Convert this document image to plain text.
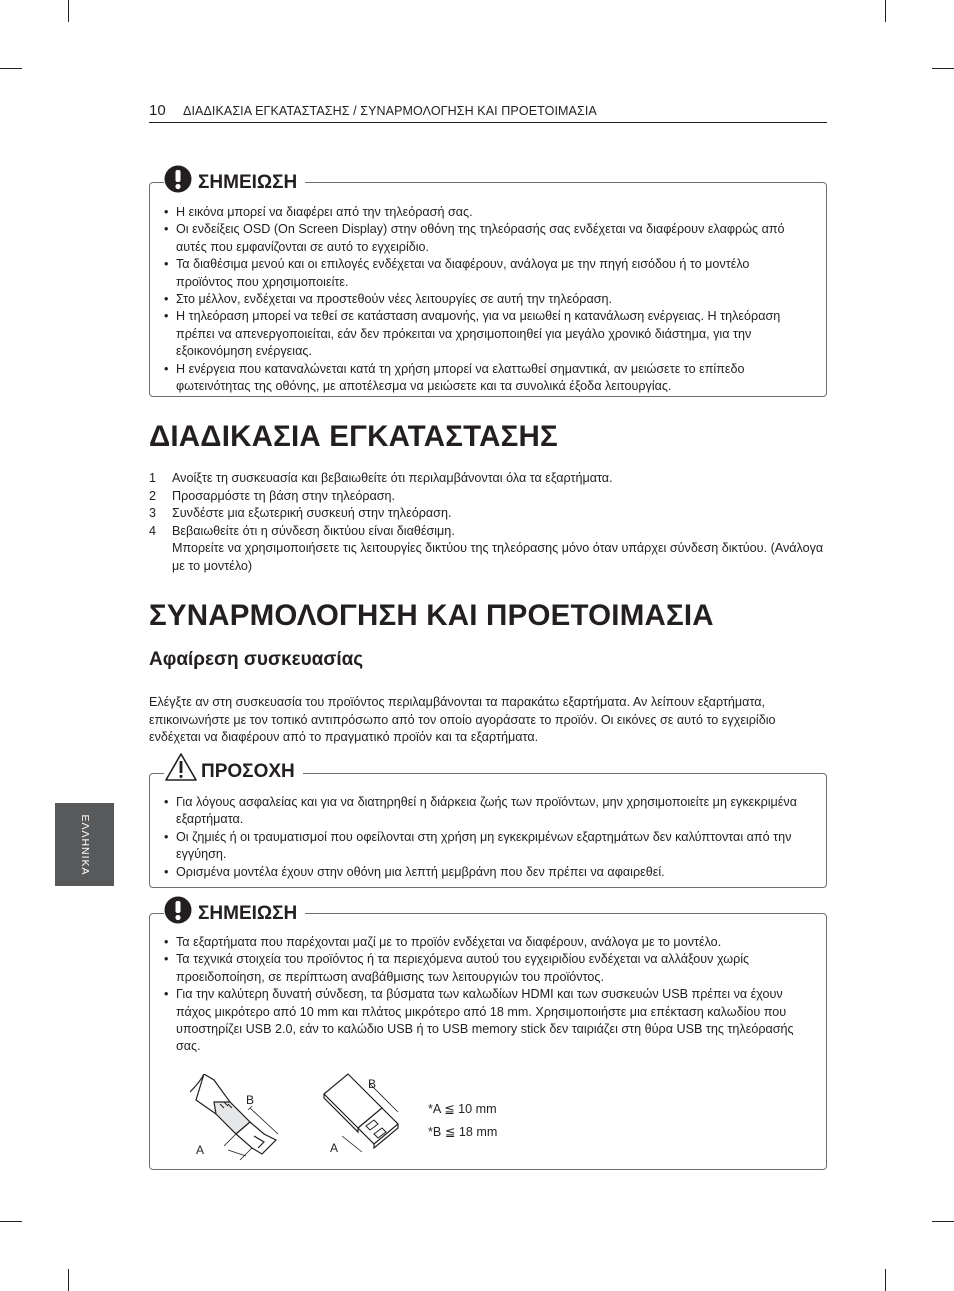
10 ΔΙΑΔΙΚΑΣΙΑ ΕΓΚΑΤΑΣΤΑΣΗΣ / ΣΥΝΑΡΜΟΛΟΓΗΣΗ ΚΑΙ ΠΡΟΕΤΟΙΜΑΣΙΑ
ΣΗΜΕΙΩΣΗ
• Η εικόνα μπορεί να διαφέρει από την τηλεόρασή σας.
• Οι ενδείξεις OSD (On Screen Display) στην οθόνη της τηλεόρασής σας ενδέχεται να διαφέρουν ελαφρώς από αυτές που εμφανίζονται σε αυτό το εγχειρίδιο.
• Τα διαθέσιμα μενού και οι επιλογές ενδέχεται να διαφέρουν, ανάλογα με την πηγή εισόδου ή το μοντέλο προϊόντος που χρησιμοποιείτε.
• Στο μέλλον, ενδέχεται να προστεθούν νέες λειτουργίες σε αυτή την τηλεόραση.
• Η τηλεόραση μπορεί να τεθεί σε κατάσταση αναμονής, για να μειωθεί η κατανάλωση ενέργειας. Η τηλεόραση πρέπει να απενεργοποιείται, εάν δεν πρόκειται να χρησιμοποιηθεί για μεγάλο χρονικό διάστημα, για την εξοικονόμηση ενέργειας.
• Η ενέργεια που καταναλώνεται κατά τη χρήση μπορεί να ελαττωθεί σημαντικά, αν μειώσετε το επίπεδο φωτεινότητας της οθόνης, με αποτέλεσμα να μειώσετε και τα συνολικά έξοδα λειτουργίας.
ΔΙΑΔΙΚΑΣΙΑ ΕΓΚΑΤΑΣΤΑΣΗΣ
1 Ανοίξτε τη συσκευασία και βεβαιωθείτε ότι περιλαμβάνονται όλα τα εξαρτήματα.
2 Προσαρμόστε τη βάση στην τηλεόραση.
3 Συνδέστε μια εξωτερική συσκευή στην τηλεόραση.
4 Βεβαιωθείτε ότι η σύνδεση δικτύου είναι διαθέσιμη.
Μπορείτε να χρησιμοποιήσετε τις λειτουργίες δικτύου της τηλεόρασης μόνο όταν υπάρχει σύνδεση δικτύου. (Ανάλογα με το μοντέλο)
ΣΥΝΑΡΜΟΛΟΓΗΣΗ ΚΑΙ ΠΡΟΕΤΟΙΜΑΣΙΑ
Αφαίρεση συσκευασίας

Ελέγξτε αν στη συσκευασία του προϊόντος περιλαμβάνονται τα παρακάτω εξαρτήματα. Αν λείπουν εξαρτήματα, επικοινωνήστε με τον τοπικό αντιπρόσωπο από τον οποίο αγοράσατε το προϊόν. Οι εικόνες σε αυτό το εγχειρίδιο ενδέχεται να διαφέρουν από το πραγματικό προϊόν και τα εξαρτήματα.

ΕΛΛΗΝΙΚΑ
ΠΡΟΣΟΧΗ
• Για λόγους ασφαλείας και για να διατηρηθεί η διάρκεια ζωής των προϊόντων, μην χρησιμοποιείτε μη εγκεκριμένα εξαρτήματα.
• Οι ζημιές ή οι τραυματισμοί που οφείλονται στη χρήση μη εγκεκριμένων εξαρτημάτων δεν καλύπτονται από την εγγύηση.
• Ορισμένα μοντέλα έχουν στην οθόνη μια λεπτή μεμβράνη που δεν πρέπει να αφαιρεθεί.
ΣΗΜΕΙΩΣΗ
• Τα εξαρτήματα που παρέχονται μαζί με το προϊόν ενδέχεται να διαφέρουν, ανάλογα με το μοντέλο.
• Τα τεχνικά στοιχεία του προϊόντος ή τα περιεχόμενα αυτού του εγχειριδίου ενδέχεται να αλλάξουν χωρίς προειδοποίηση, σε περίπτωση αναβάθμισης των λειτουργιών του προϊόντος.
• Για την καλύτερη δυνατή σύνδεση, τα βύσματα των καλωδίων HDMI και των συσκευών USB πρέπει να έχουν πάχος μικρότερο από 10 mm και πλάτος μικρότερο από 18 mm. Χρησιμοποιήστε μια επέκταση καλωδίου που υποστηρίζει USB 2.0, εάν το καλώδιο USB ή το USB memory stick δεν ταιριάζει στη θύρα USB της τηλεόρασής σας.
B
A
B
A
*A ≦ 10 mm
*B ≦ 18 mm
